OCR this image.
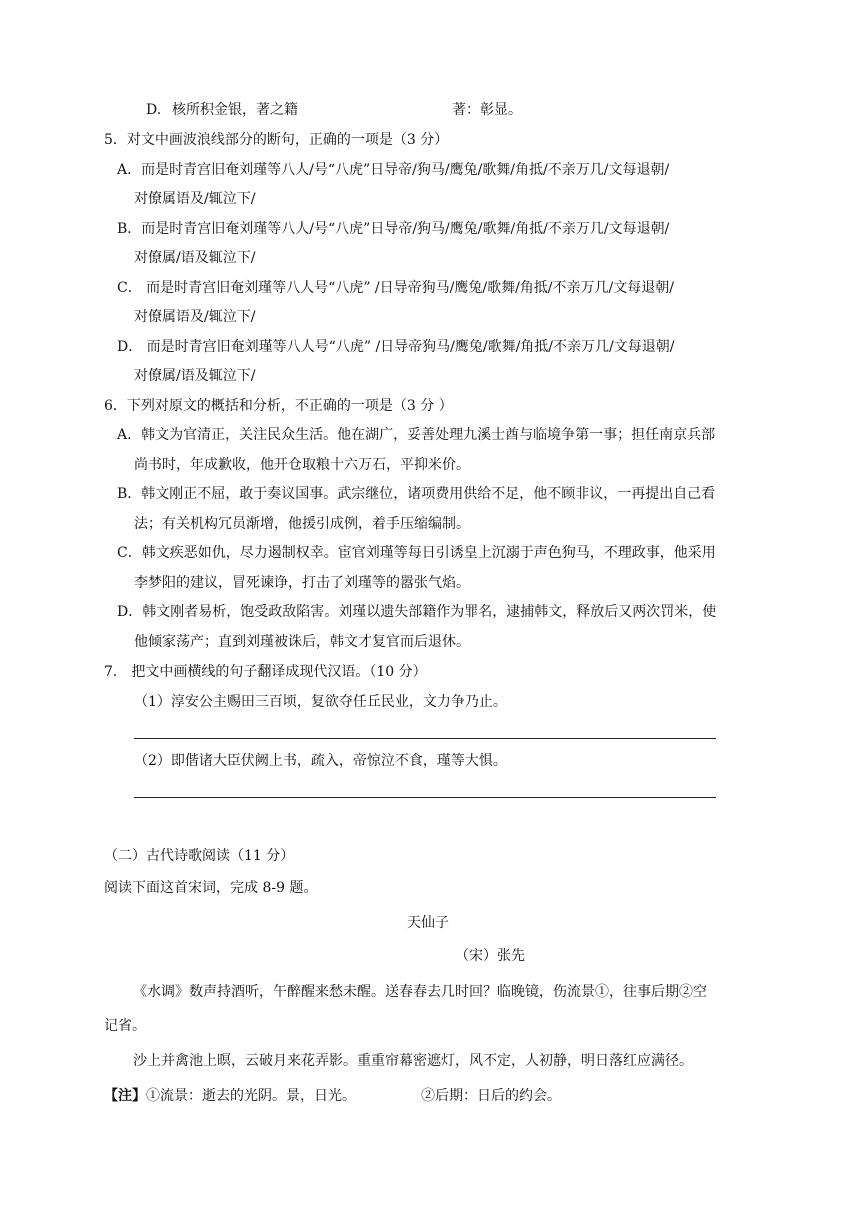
D. 核所积金银，著之籍	著：彰显。
5．对文中画波浪线部分的断句，正确的一项是（3 分）
A．而是时青宫旧奄刘瑾等八人/号“八虎”日导帝/狗马/鹰兔/歌舞/角抵/不亲万几/文每退朝/
对僚属语及/辄泣下/
B．而是时青宫旧奄刘瑾等八人/号“八虎”日导帝/狗马/鹰兔/歌舞/角抵/不亲万几/文每退朝/
对僚属/语及辄泣下/
C． 而是时青宫旧奄刘瑾等八人号“八虎” /日导帝狗马/鹰兔/歌舞/角抵/不亲万几/文每退朝/
对僚属语及/辄泣下/
D． 而是时青宫旧奄刘瑾等八人号“八虎” /日导帝狗马/鹰兔/歌舞/角抵/不亲万几/文每退朝/
对僚属/语及辄泣下/
6．下列对原文的概括和分析，不正确的一项是（3 分 ）
A．韩文为官清正，关注民众生活。他在湖广，妥善处理九溪士酋与临境争第一事；担任南京兵部
尚书时，年成歉收，他开仓取粮十六万石，平抑米价。
B．韩文刚正不屈，敢于奏议国事。武宗继位，诸项费用供给不足，他不顾非议，一再提出自己看
法；有关机构冗员渐增，他援引成例，着手压缩编制。
C．韩文疾恶如仇，尽力遏制权幸。宦官刘瑾等每日引诱皇上沉溺于声色狗马，不理政事，他采用
李梦阳的建议，冒死谏诤，打击了刘瑾等的嚣张气焰。
D．韩文刚者易析，饱受政敌陷害。刘瑾以遗失部籍作为罪名，逮捕韩文，释放后又两次罚米，使
他倾家荡产；直到刘瑾被诛后，韩文才复官而后退休。
7． 把文中画横线的句子翻译成现代汉语。（10 分）
（1）淳安公主赐田三百顷，复欲夺任丘民业，文力争乃止。
（2）即偕诸大臣伏阙上书，疏入，帝惊泣不食，瑾等大惧。
（二）古代诗歌阅读（11 分）
阅读下面这首宋词，完成 8-9 题。
天仙子
（宋）张先
《水调》数声持酒听，午醉醒来愁未醒。送春春去几时回？临晚镜，伤流景①，往事后期②空
记省。
沙上并禽池上暝，云破月来花弄影。重重帘幕密遮灯，风不定，人初静，明日落红应满径。
【注】 ①流景：逝去的光阴。景，日光。	②后期：日后的约会。
